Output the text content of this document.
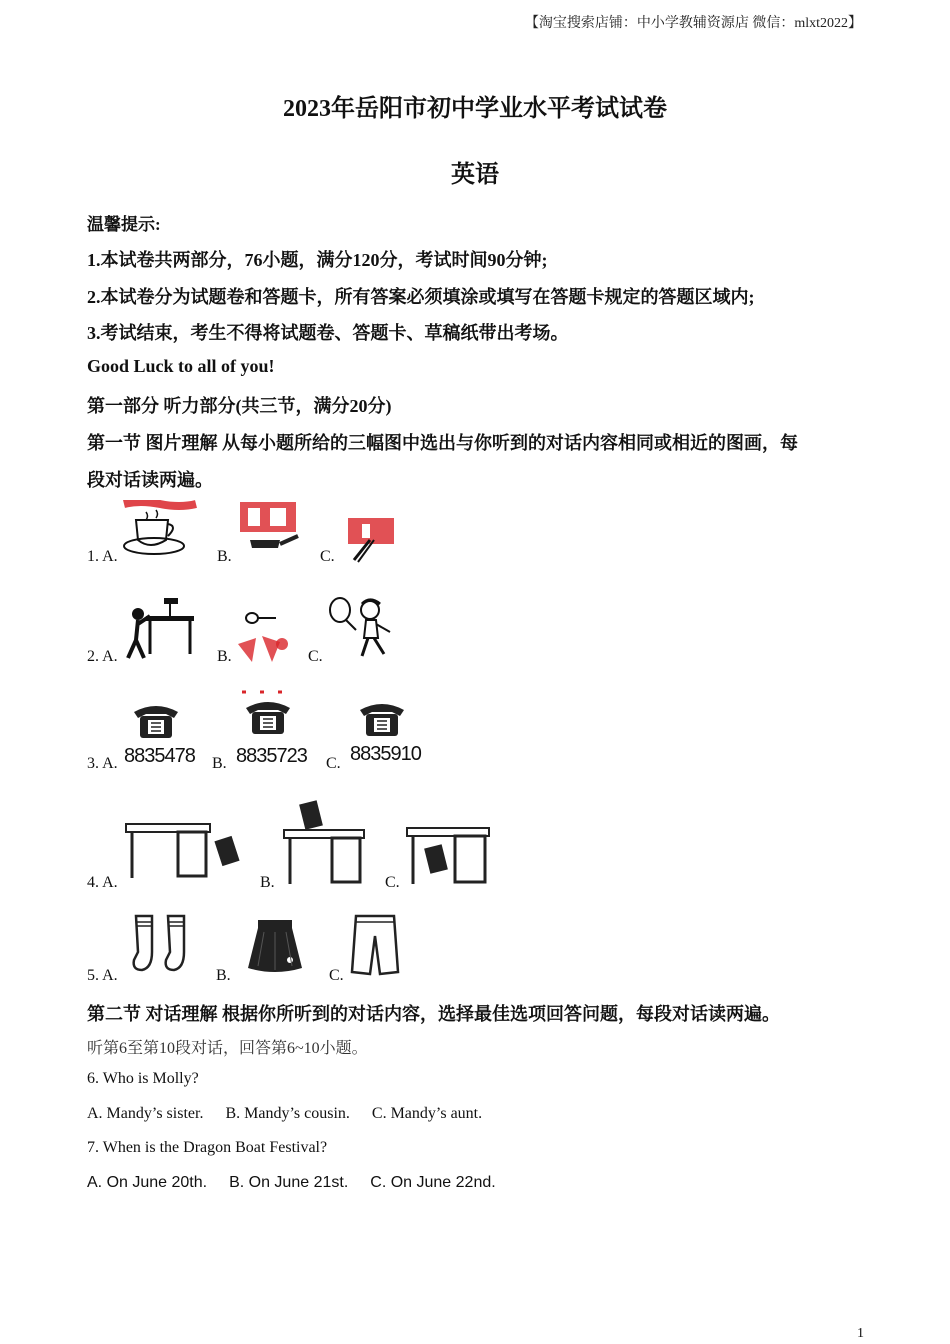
【淘宝搜索店铺：中小学教辅资源店 微信：mlxt2022】
2023年岳阳市初中学业水平考试试卷
英语
温馨提示:
1.本试卷共两部分，76小题，满分120分，考试时间90分钟;
2.本试卷分为试题卷和答题卡，所有答案必须填涂或填写在答题卡规定的答题区域内;
3.考试结束，考生不得将试题卷、答题卡、草稿纸带出考场。
Good Luck to all of you!
第一部分 听力部分(共三节，满分20分)
第一节 图片理解 从每小题所给的三幅图中选出与你听到的对话内容相同或相近的图画，每
段对话读两遍。
1. A.	B.	C.
2. A.	B.	C.
3. A.	B.	C.
8835478 8835723 8835910
4. A.	B.	C.
5. A.	B.	C.
第二节 对话理解 根据你所听到的对话内容，选择最佳选项回答问题，每段对话读两遍。
听第6至第10段对话，回答第6~10小题。
6. Who is Molly?
A. Mandy’s sister. B. Mandy’s cousin. C. Mandy’s aunt.
7. When is the Dragon Boat Festival?
A. On June 20th. B. On June 21st. C. On June 22nd.
1
